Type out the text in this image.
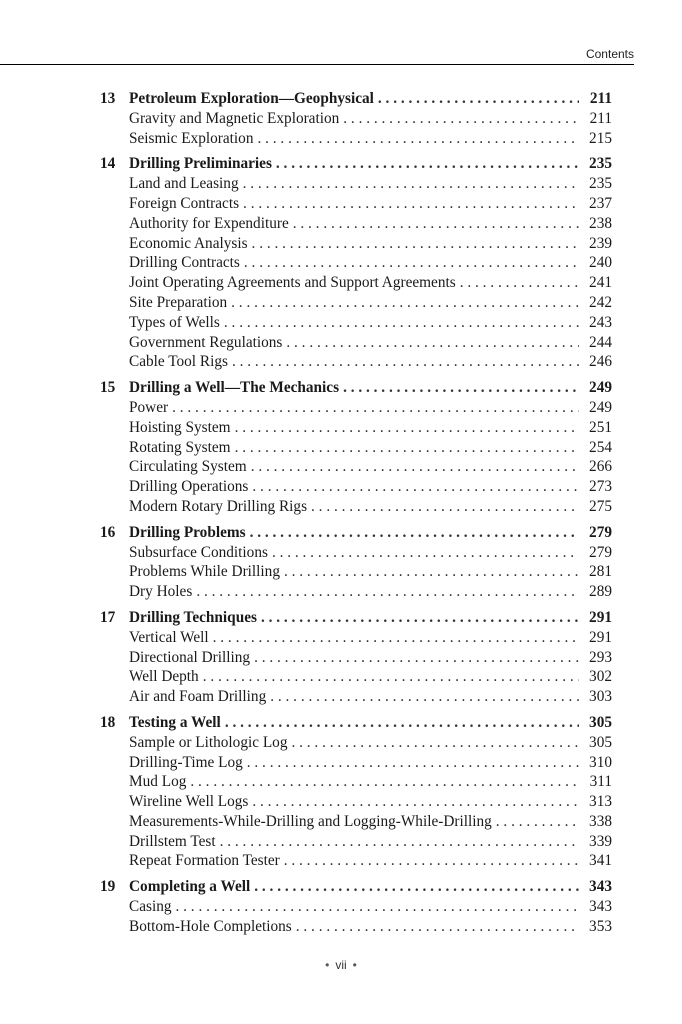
Contents
13 Petroleum Exploration—Geophysical . . .	211
Gravity and Magnetic Exploration . . .	211
Seismic Exploration . . .	215
14 Drilling Preliminaries . . .	235
Land and Leasing . . .	235
Foreign Contracts . . .	237
Authority for Expenditure . . .	238
Economic Analysis . . .	239
Drilling Contracts . . .	240
Joint Operating Agreements and Support Agreements . . .	241
Site Preparation . . .	242
Types of Wells . . .	243
Government Regulations . . .	244
Cable Tool Rigs . . .	246
15 Drilling a Well—The Mechanics . . .	249
Power . . .	249
Hoisting System . . .	251
Rotating System . . .	254
Circulating System . . .	266
Drilling Operations . . .	273
Modern Rotary Drilling Rigs . . .	275
16 Drilling Problems . . .	279
Subsurface Conditions . . .	279
Problems While Drilling . . .	281
Dry Holes . . .	289
17 Drilling Techniques . . .	291
Vertical Well . . .	291
Directional Drilling . . .	293
Well Depth . . .	302
Air and Foam Drilling . . .	303
18 Testing a Well . . .	305
Sample or Lithologic Log . . .	305
Drilling-Time Log . . .	310
Mud Log . . .	311
Wireline Well Logs . . .	313
Measurements-While-Drilling and Logging-While-Drilling . . .	338
Drillstem Test . . .	339
Repeat Formation Tester . . .	341
19 Completing a Well . . .	343
Casing . . .	343
Bottom-Hole Completions . . .	353
• vii •
